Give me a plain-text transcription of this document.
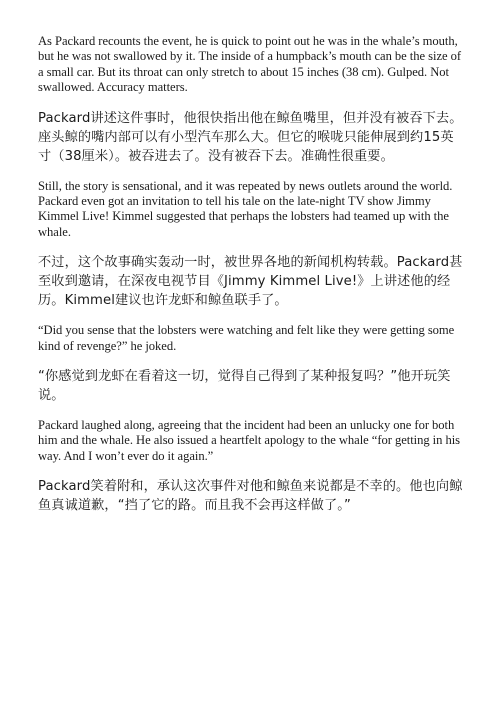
As Packard recounts the event, he is quick to point out he was in the whale’s mouth, but he was not swallowed by it. The inside of a humpback’s mouth can be the size of a small car. But its throat can only stretch to about 15 inches (38 cm). Gulped. Not swallowed. Accuracy matters.

Packard讲述这件事时，他很快指出他在鲸鱼嘴里，但并没有被吞下去。座头鲸的嘴内部可以有小型汽车那么大。但它的喉咙只能伸展到约15英寸（38厘米）。被吞进去了。没有被吞下去。准确性很重要。

Still, the story is sensational, and it was repeated by news outlets around the world. Packard even got an invitation to tell his tale on the late-night TV show Jimmy Kimmel Live! Kimmel suggested that perhaps the lobsters had teamed up with the whale.

不过，这个故事确实轰动一时，被世界各地的新闻机构转载。Packard甚至收到邀请，在深夜电视节目《Jimmy Kimmel Live!》上讲述他的经历。Kimmel建议也许龙虾和鲸鱼联手了。

“Did you sense that the lobsters were watching and felt like they were getting some kind of revenge?” he joked.

“你感觉到龙虾在看着这一切，觉得自己得到了某种报复吗？”他开玩笑说。

Packard laughed along, agreeing that the incident had been an unlucky one for both him and the whale. He also issued a heartfelt apology to the whale “for getting in his way. And I won’t ever do it again.”

Packard笑着附和，承认这次事件对他和鲸鱼来说都是不幸的。他也向鲸鱼真诚道歉，“挡了它的路。而且我不会再这样做了。”
